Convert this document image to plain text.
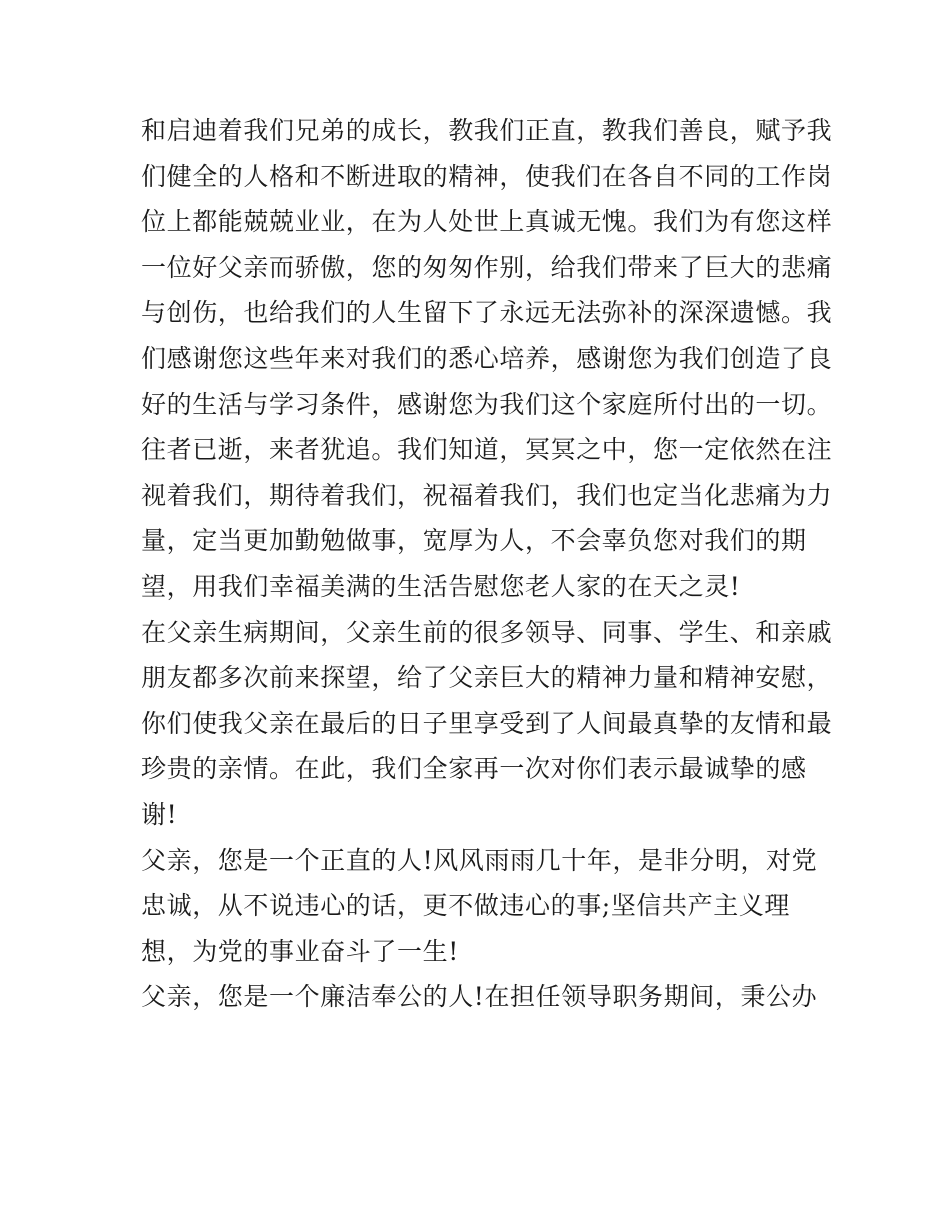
和启迪着我们兄弟的成长，教我们正直，教我们善良，赋予我
们健全的人格和不断进取的精神，使我们在各自不同的工作岗
位上都能兢兢业业，在为人处世上真诚无愧。我们为有您这样
一位好父亲而骄傲，您的匆匆作别，给我们带来了巨大的悲痛
与创伤，也给我们的人生留下了永远无法弥补的深深遗憾。我
们感谢您这些年来对我们的悉心培养，感谢您为我们创造了良
好的生活与学习条件，感谢您为我们这个家庭所付出的一切。
往者已逝，来者犹追。我们知道，冥冥之中，您一定依然在注
视着我们，期待着我们，祝福着我们，我们也定当化悲痛为力
量，定当更加勤勉做事，宽厚为人，不会辜负您对我们的期
望，用我们幸福美满的生活告慰您老人家的在天之灵!
在父亲生病期间，父亲生前的很多领导、同事、学生、和亲戚
朋友都多次前来探望，给了父亲巨大的精神力量和精神安慰，
你们使我父亲在最后的日子里享受到了人间最真挚的友情和最
珍贵的亲情。在此，我们全家再一次对你们表示最诚挚的感
谢!
父亲，您是一个正直的人!风风雨雨几十年，是非分明，对党
忠诚，从不说违心的话，更不做违心的事;坚信共产主义理
想，为党的事业奋斗了一生!
父亲，您是一个廉洁奉公的人!在担任领导职务期间，秉公办
